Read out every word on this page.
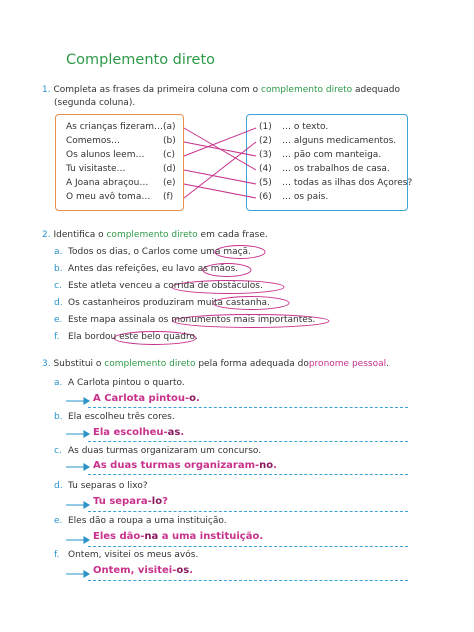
Complemento direto
1. Completa as frases da primeira coluna com o complemento direto adequado
(segunda coluna).
As crianças fizeram… (a)
Comemos…	(b)
Os alunos leem… (c)
Tu visitaste…	(d)
A Joana abraçou… (e)
O meu avô toma… (f)
(1) … o texto.
(2) … alguns medicamentos.
(3) … pão com manteiga.
(4) … os trabalhos de casa.
(5) … todas as ilhas dos Açores?
(6) … os pais.
2. Identifica o complemento direto em cada frase.
a. Todos os dias, o Carlos come uma maçã.
b. Antes das refeições, eu lavo as mãos.
c. Este atleta venceu a corrida de obstáculos.
d. Os castanheiros produziram muita castanha.
e. Este mapa assinala os monumentos mais importantes.
f. Ela bordou este belo quadro.
3. Substitui o complemento direto pela forma adequada dopronome pessoal.
a. A Carlota pintou o quarto.
A Carlota pintou-o.
b. Ela escolheu três cores.
Ela escolheu-as.
c. As duas turmas organizaram um concurso.
As duas turmas organizaram-no.
d. Tu separas o lixo?
Tu separa-lo?
e. Eles dão a roupa a uma instituição.
Eles dão-na a uma instituição.
f. Ontem, visitei os meus avós.
Ontem, visitei-os.
